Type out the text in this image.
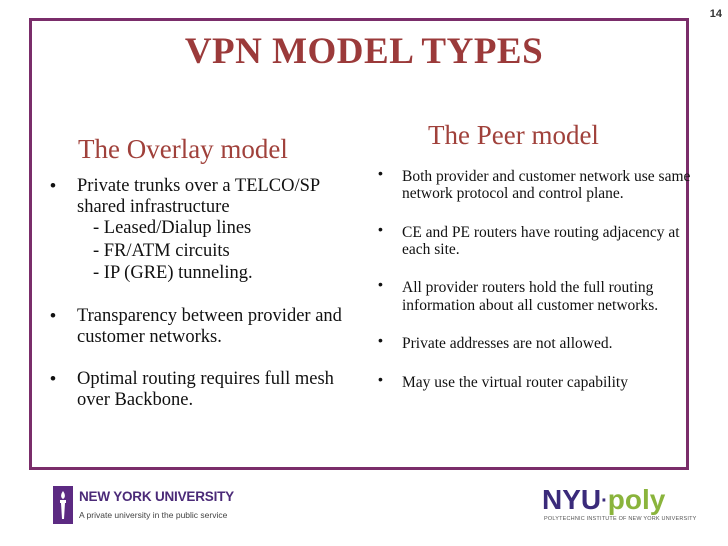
14
VPN MODEL TYPES
The Overlay model	The Peer model
• Private trunks over a TELCO/SP shared infrastructure
- Leased/Dialup lines
- FR/ATM circuits
- IP (GRE) tunneling.
• Transparency between provider and customer networks.
• Optimal routing requires full mesh over Backbone.
• Both provider and customer network use same network protocol and control plane.
• CE and PE routers have routing adjacency at each site.
• All provider routers hold the full routing information about all customer networks.
• Private addresses are not allowed.
• May use the virtual router capability
NEW YORK UNIVERSITY
A private university in the public service	NYU·poly
POLYTECHNIC INSTITUTE OF NEW YORK UNIVERSITY
